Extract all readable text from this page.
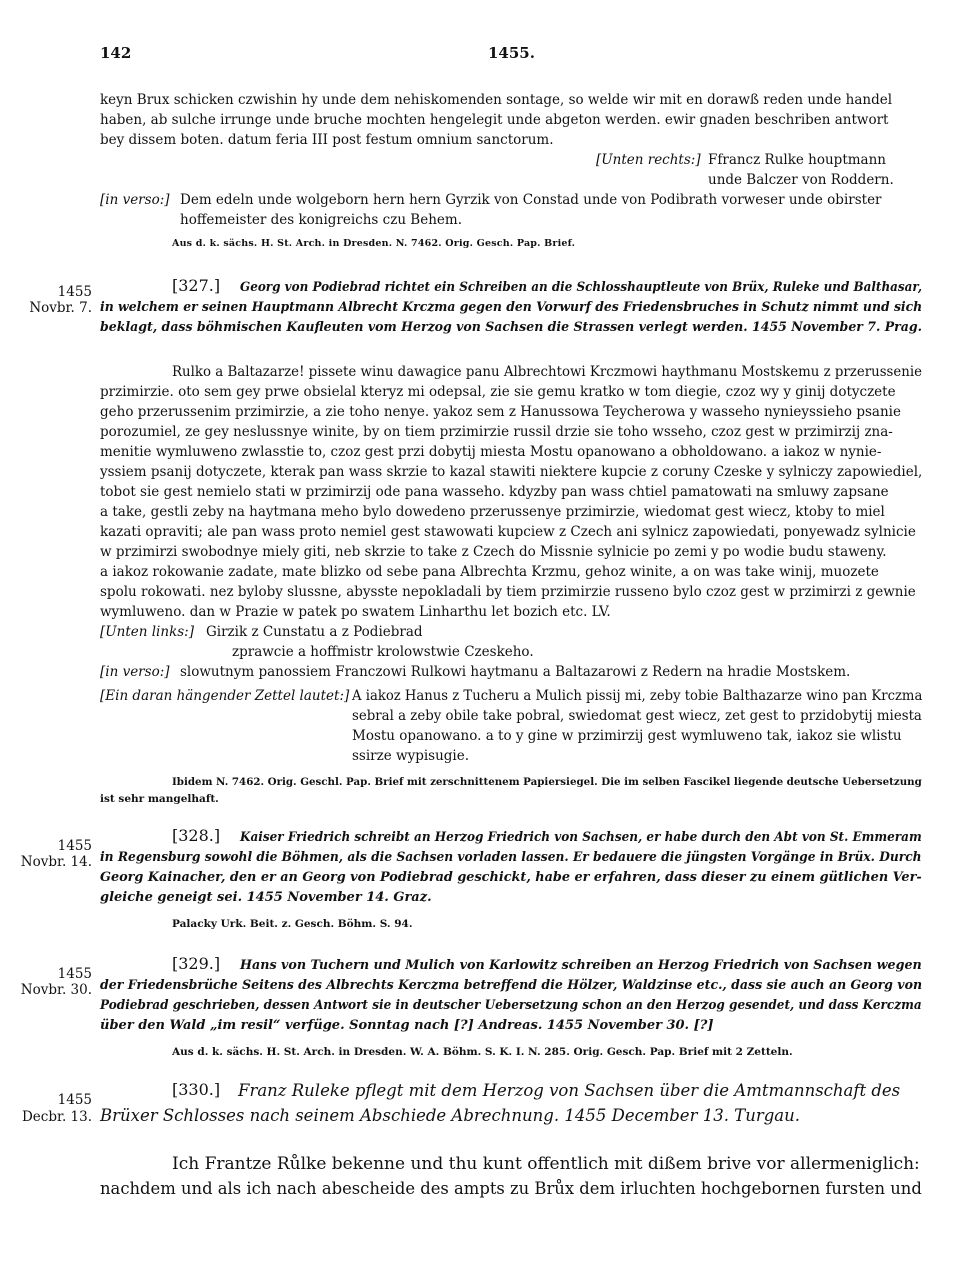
142	1455.
keyn Brux schicken czwishin hy unde dem nehiskomenden sontage, so welde wir mit en dorawß reden unde handel
haben, ab sulche irrunge unde bruche mochten hengelegit unde abgeton werden. ewir gnaden beschriben antwort
bey dissem boten. datum feria III post festum omnium sanctorum.
[Unten rechts:] Ffrancz Rulke houptmann
unde Balczer von Roddern.
[in verso:] Dem edeln unde wolgeborn hern hern Gyrzik von Constad unde von Podibrath vorweser unde obirster
hoffemeister des konigreichs czu Behem.
Aus d. k. sächs. H. St. Arch. in Dresden. N. 7462. Orig. Gesch. Pap. Brief.
1455
Novbr. 7.
[327.] Georg von Podiebrad richtet ein Schreiben an die Schlosshauptleute von Brüx, Ruleke und Balthasar,
in welchem er seinen Hauptmann Albrecht Krczma gegen den Vorwurf des Friedensbruches in Schutz nimmt und sich
beklagt, dass böhmischen Kaufleuten vom Herzog von Sachsen die Strassen verlegt werden. 1455 November 7. Prag.
Rulko a Baltazarze! pissete winu dawagice panu Albrechtowi Krczmowi haythmanu Mostskemu z przerussenie
przimirzie. oto sem gey prwe obsielal kteryz mi odepsal, zie sie gemu kratko w tom diegie, czoz wy y ginij dotyczete
geho przerussenim przimirzie, a zie toho nenye. yakoz sem z Hanussowa Teycherowa y wasseho nynieyssieho psanie
porozumiel, ze gey neslussnye winite, by on tiem przimirzie russil drzie sie toho wsseho, czoz gest w przimirzij zna-
menitie wymluweno zwlasstie to, czoz gest przi dobytij miesta Mostu opanowano a obholdowano. a iakoz w nynie-
yssiem psanij dotyczete, kterak pan wass skrzie to kazal stawiti niektere kupcie z coruny Czeske y sylniczy zapowiediel,
tobot sie gest nemielo stati w przimirzij ode pana wasseho. kdyzby pan wass chtiel pamatowati na smluwy zapsane
a take, gestli zeby na haytmana meho bylo dowedeno przerussenye przimirzie, wiedomat gest wiecz, ktoby to miel
kazati opraviti; ale pan wass proto nemiel gest stawowati kupciew z Czech ani sylnicz zapowiedati, ponyewadz sylnicie
w przimirzi swobodnye miely giti, neb skrzie to take z Czech do Missnie sylnicie po zemi y po wodie budu staweny.
a iakoz rokowanie zadate, mate blizko od sebe pana Albrechta Krzmu, gehoz winite, a on was take winij, muozete
spolu rokowati. nez byloby slussne, abysste nepokladali by tiem przimirzie russeno bylo czoz gest w przimirzi z gewnie
wymluweno. dan w Prazie w patek po swatem Linharthu let bozich etc. LV.
[Unten links:] Girzik z Cunstatu a z Podiebrad
zprawcie a hoffmistr krolowstwie Czeskeho.
[in verso:] slowutnym panossiem Franczowi Rulkowi haytmanu a Baltazarowi z Redern na hradie Mostskem.
[Ein daran hängender Zettel lautet:] A iakoz Hanus z Tucheru a Mulich pissij mi, zeby tobie Balthazarze wino pan Krczma
sebral a zeby obile take pobral, swiedomat gest wiecz, zet gest to przidobytij miesta
Mostu opanowano. a to y gine w przimirzij gest wymluweno tak, iakoz sie wlistu
ssirze wypisugie.
Ibidem N. 7462. Orig. Geschl. Pap. Brief mit zerschnittenem Papiersiegel. Die im selben Fascikel liegende deutsche Uebersetzung
ist sehr mangelhaft.
1455
Novbr. 14.
[328.] Kaiser Friedrich schreibt an Herzog Friedrich von Sachsen, er habe durch den Abt von St. Emmeram
in Regensburg sowohl die Böhmen, als die Sachsen vorladen lassen. Er bedauere die jüngsten Vorgänge in Brüx. Durch
Georg Kainacher, den er an Georg von Podiebrad geschickt, habe er erfahren, dass dieser zu einem gütlichen Ver-
gleiche geneigt sei. 1455 November 14. Graz.
Palacky Urk. Beit. z. Gesch. Böhm. S. 94.
1455
Novbr. 30.
[329.] Hans von Tuchern und Mulich von Karlowitz schreiben an Herzog Friedrich von Sachsen wegen
der Friedensbrüche Seitens des Albrechts Kerczma betreffend die Hölzer, Waldzinse etc., dass sie auch an Georg von
Podiebrad geschrieben, dessen Antwort sie in deutscher Uebersetzung schon an den Herzog gesendet, und dass Kerczma
über den Wald „im resil“ verfüge. Sonntag nach [?] Andreas. 1455 November 30. [?]
Aus d. k. sächs. H. St. Arch. in Dresden. W. A. Böhm. S. K. I. N. 285. Orig. Gesch. Pap. Brief mit 2 Zetteln.
1455
Decbr. 13.
[330.] Franz Ruleke pflegt mit dem Herzog von Sachsen über die Amtmannschaft des
Brüxer Schlosses nach seinem Abschiede Abrechnung. 1455 December 13. Turgau.
Ich Frantze Růlke bekenne und thu kunt offentlich mit dißem brive vor allermeniglich:
nachdem und als ich nach abescheide des ampts zu Brůx dem irluchten hochgebornen fursten und
